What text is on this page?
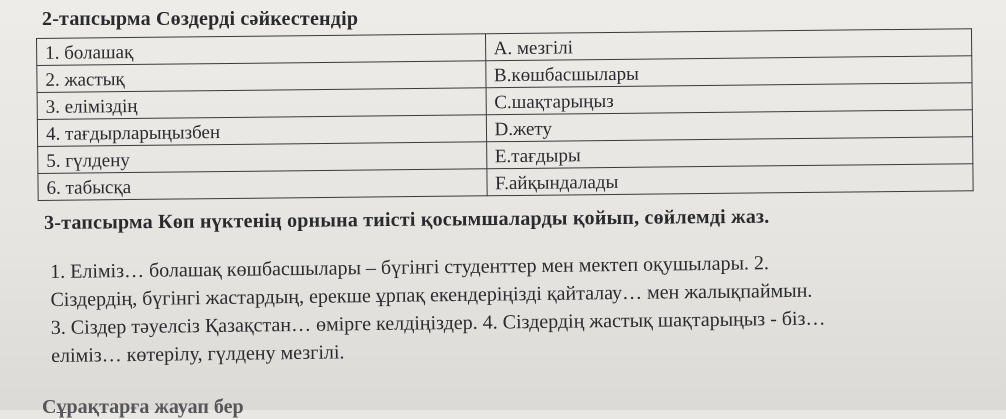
2-тапсырма Сөздерді сәйкестендір
1. болашақ	А. мезгілі
2. жастық	В.көшбасшылары
3. еліміздің	С.шақтарыңыз
4. тағдырларыңызбен	D.жету
5. гүлдену	Е.тағдыры
6. табысқа	F.айқындалады
3-тапсырма Көп нүктенің орнына тиісті қосымшаларды қойып, сөйлемді жаз.
1. Еліміз… болашақ көшбасшылары – бүгінгі студенттер мен мектеп оқушылары. 2.
Сіздердің, бүгінгі жастардың, ерекше ұрпақ екендеріңізді қайталау… мен жалықпаймын.
3. Сіздер тәуелсіз Қазақстан… өмірге келдіңіздер. 4. Сіздердің жастық шақтарыңыз - біз…
еліміз… көтерілу, гүлдену мезгілі.
Сұрақтарға жауап бер
